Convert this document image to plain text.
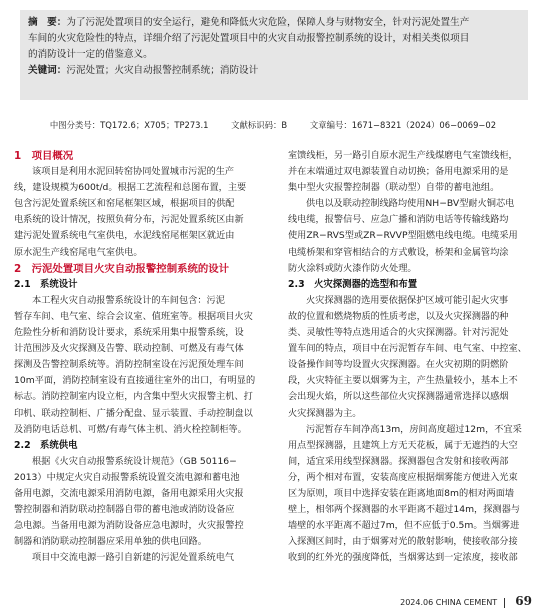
摘　要：为了污泥处置项目的安全运行，避免和降低火灾危险，保障人身与财物安全，针对污泥处置生产
车间的火灾危险性的特点，详细介绍了污泥处置项目中的火灾自动报警控制系统的设计，对相关类似项目
的消防设计一定的借鉴意义。
关键词：污泥处置；火灾自动报警控制系统；消防设计
中图分类号：TQ172.6；X705；TP273.1	文献标识码：B	文章编号：1671−8321（2024）06−0069−02
1　项目概况
该项目是利用水泥回转窑协同处置城市污泥的生产
线，建设规模为600t/d。根据工艺流程和总图布置，主要
包含污泥处置系统区和窑尾框架区域，根据项目的供配
电系统的设计情况，按照负荷分布，污泥处置系统区由新
建污泥处置系统电气室供电，水泥线窑尾框架区就近由
原水泥生产线窑尾电气室供电。
2　污泥处置项目火灾自动报警控制系统的设计
2.1　系统设计
本工程火灾自动报警系统设计的车间包含：污泥
暂存车间、电气室、综合会议室、值班室等。根据项目火灾
危险性分析和消防设计要求，系统采用集中报警系统，设
计范围涉及火灾探测及告警、联动控制、可燃及有毒气体
探测及告警控制系统等。消防控制室设在污泥预处理车间
10m平面，消防控制室设有直接通往室外的出口，有明显的
标志。消防控制室内设立柜，内含集中型火灾报警主机、打
印机、联动控制柜、广播分配盘、显示装置、手动控制盘以
及消防电话总机、可燃/有毒气体主机、消火栓控制柜等。
2.2　系统供电
根据《火灾自动报警系统设计规范》（GB 50116−
2013）中规定火灾自动报警系统设置交流电源和蓄电池
备用电源，交流电源采用消防电源，备用电源采用火灾报
警控制器和消防联动控制器自带的蓄电池或消防设备应
急电源。当备用电源为消防设备应急电源时，火灾报警控
制器和消防联动控制器应采用单独的供电回路。
项目中交流电源一路引自新建的污泥处置系统电气
室馈线柜，另一路引自原水泥生产线煤磨电气室馈线柜，
并在末端通过双电源装置自动切换；备用电源采用的是
集中型火灾报警控制器（联动型）自带的蓄电池组。
供电以及联动控制线路均使用NH−BV型耐火铜芯电
线电缆，报警信号、应急广播和消防电话等传输线路均
使用ZR−RVS型或ZR−RVVP型阻燃电线电缆。电缆采用
电缆桥架和穿管相结合的方式敷设，桥架和金属管均涂
防火涂料或防火漆作防火处理。
2.3　火灾探测器的选型和布置
火灾探测器的选用要依据保护区域可能引起火灾事
故的位置和燃烧物质的性质考虑，以及火灾探测器的种
类、灵敏性等特点选用适合的火灾探测器。针对污泥处
置车间的特点，项目中在污泥暂存车间、电气室、中控室、
设备操作间等均设置火灾探测器。在火灾初期的阴燃阶
段，火灾特征主要以烟雾为主，产生热量较小，基本上不
会出现火焰，所以这些部位火灾探测器通常选择以感烟
火灾探测器为主。
污泥暂存车间净高13m，房间高度超过12m，不宜采
用点型探测器，且建筑上方无天花板，属于无遮挡的大空
间，适宜采用线型探测器。探测器包含发射和接收两部
分，两个相对布置，安装高度应根据烟雾能方便进入光束
区为原则，项目中选择安装在距离地面8m的相对两面墙
壁上，相邻两个探测器的水平距离不超过14m，探测器与
墙壁的水平距离不超过7m，但不应低于0.5m。当烟雾进
入探测区间时，由于烟雾对光的散射影响，使接收部分接
收到的红外光的强度降低，当烟雾达到一定浓度，接收部
2024.06 CHINA CEMENT 69
